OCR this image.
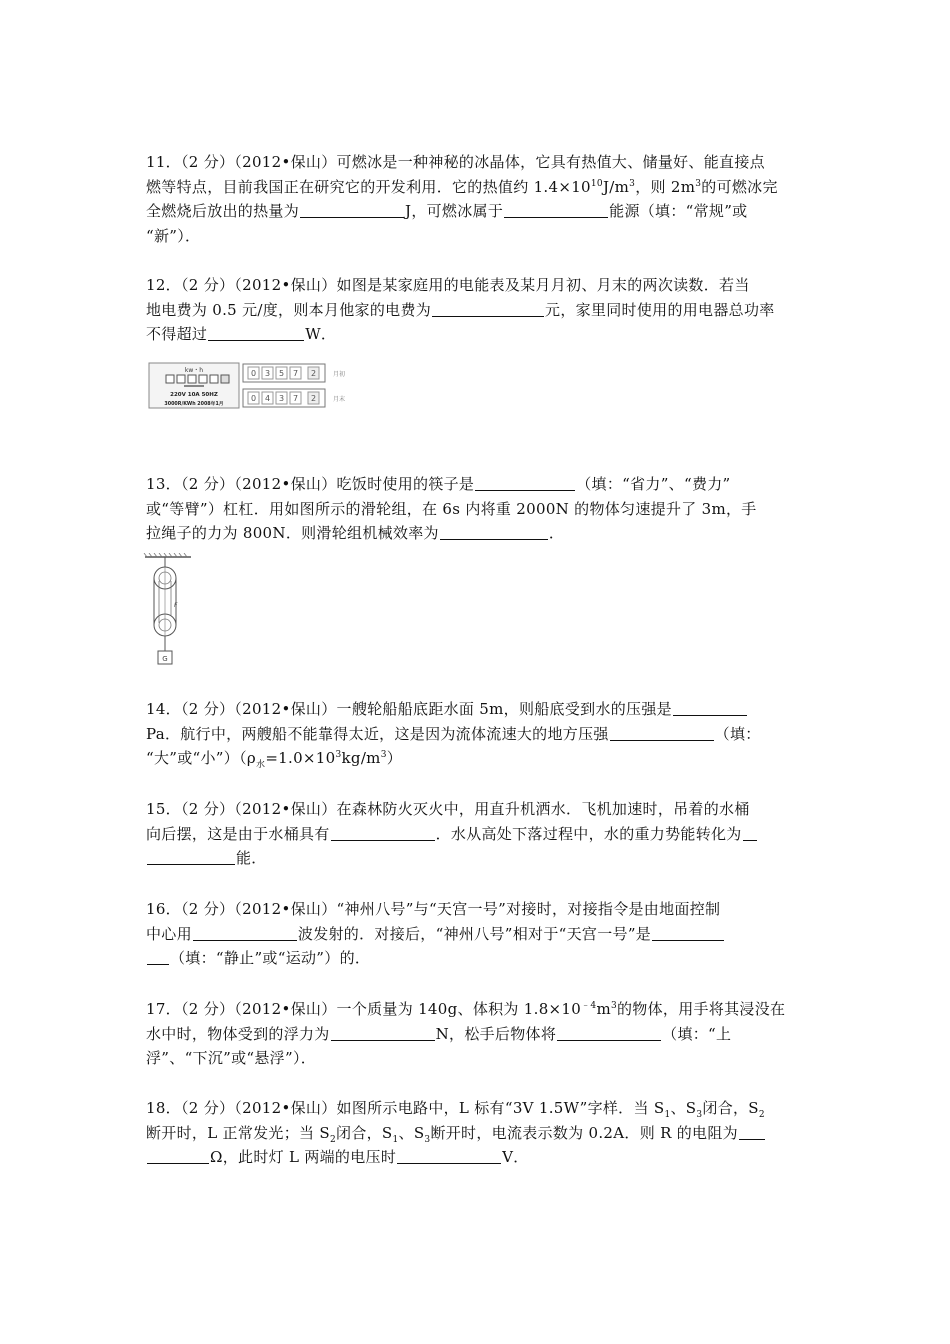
11．（2 分）（2012•保山）可燃冰是一种神秘的冰晶体，它具有热值大、储量好、能直接点
燃等特点，目前我国正在研究它的开发利用．它的热值约 $1.4\times 10^{10}J/m^3$，则 $2m^3$的可燃冰完
全燃烧后放出的热量为	J，可燃冰属于	能源（填：“常规”或
“新”）．
12．（2 分）（2012•保山）如图是某家庭用的电能表及某月月初、月末的两次读数．若当
地电费为 0.5 元/度，则本月他家的电费为	元，家里同时使用的用电器总功率
不得超过	W．
kw・h
220V 10A 50HZ
3000R/KWh 2008年1月
0 3 5 7 2	月初
0 4 3 7 2	月末
13．（2 分）（2012•保山）吃饭时使用的筷子是	（填：“省力”、“费力”
或“等臂”）杠杠．用如图所示的滑轮组，在 6s 内将重 2000N 的物体匀速提升了 3m，手
拉绳子的力为 800N．则滑轮组机械效率为	．
G
F
14．（2 分）（2012•保山）一艘轮船船底距水面 5m，则船底受到水的压强是
Pa．航行中，两艘船不能靠得太近，这是因为流体流速大的地方压强	（填：
“大”或“小$”)(\rho_水=1.0\times 10^3kg/m^3)$
15．（2 分）（2012•保山）在森林防火灭火中，用直升机洒水．飞机加速时，吊着的水桶
向后摆，这是由于水桶具有	．水从高处下落过程中，水的重力势能转化为
能．
16．（2 分）（2012•保山）“神州八号”与“天宫一号”对接时，对接指令是由地面控制
中心用	波发射的．对接后，“神州八号”相对于“天宫一号”是
（填：“静止”或“运动”）的．
17．（2 分）（2012•保山）一个质量为 140g、体积为 $1.8\times 10^{﹣4}m^3$的物体，用手将其浸没在
水中时，物体受到的浮力为	N，松手后物体将	（填：“上
浮”、“下沉”或“悬浮”）．
18．（2 分）（2012•保山）如图所示电路中，L 标有“3V 1.5W”字样．当 $S_1$、$S_3$闭合，$S_2$
断开时，L 正常发光；当 $S_2$闭合，$S_1$、$S_3$断开时，电流表示数为 0.2A．则 R 的电阻为
Ω，此时灯 L 两端的电压时	V．
